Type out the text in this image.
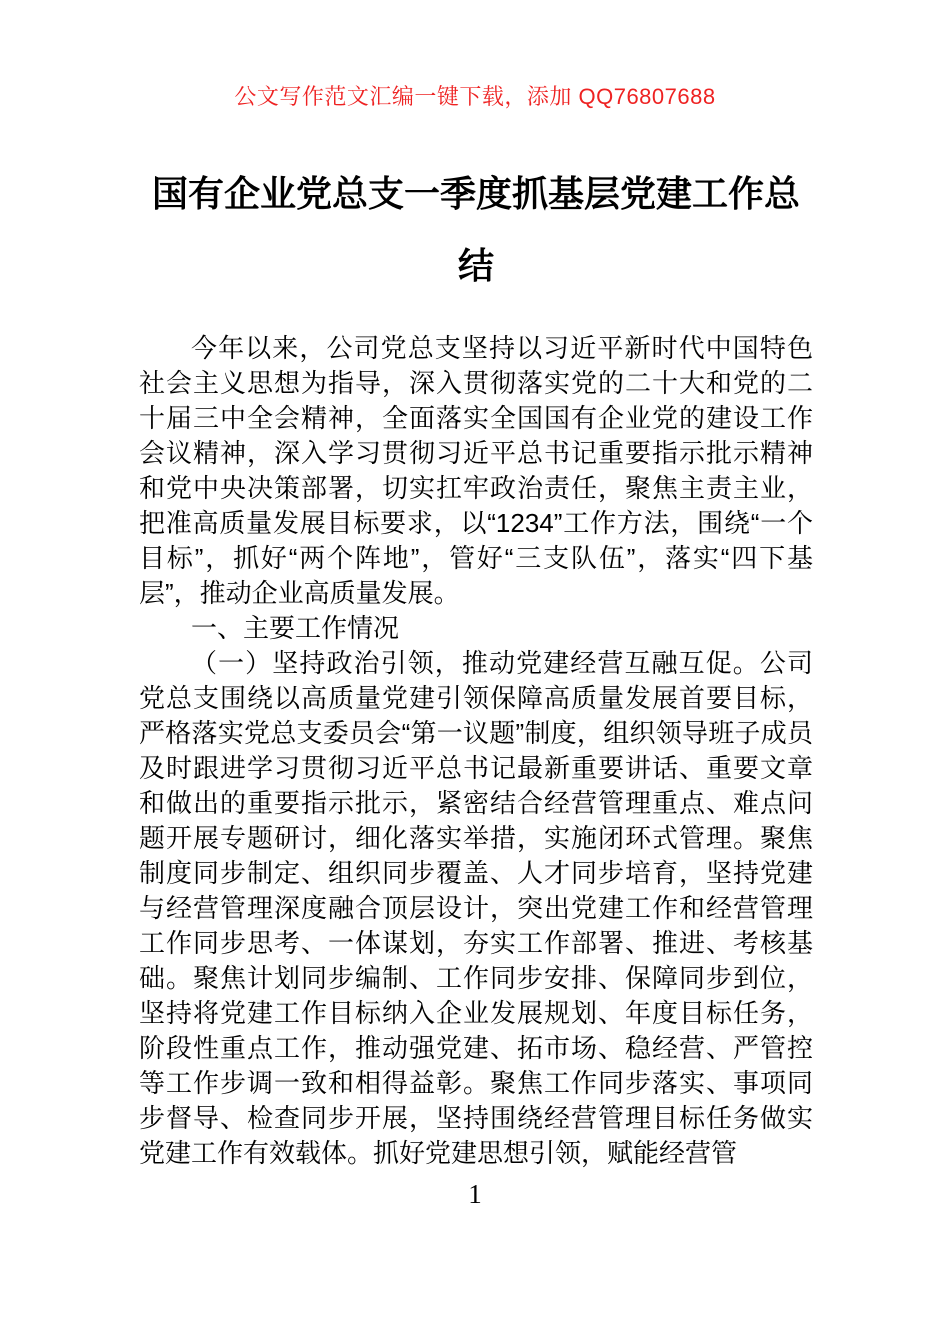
公文写作范文汇编一键下载，添加 QQ76807688
国有企业党总支一季度抓基层党建工作总结

今年以来，公司党总支坚持以习近平新时代中国特色社会主义思想为指导，深入贯彻落实党的二十大和党的二十届三中全会精神，全面落实全国国有企业党的建设工作会议精神，深入学习贯彻习近平总书记重要指示批示精神和党中央决策部署，切实扛牢政治责任，聚焦主责主业，把准高质量发展目标要求，以“1234”工作方法，围绕“一个目标”，抓好“两个阵地”，管好“三支队伍”，落实“四下基层”，推动企业高质量发展。

一、主要工作情况

（一）坚持政治引领，推动党建经营互融互促。公司党总支围绕以高质量党建引领保障高质量发展首要目标，严格落实党总支委员会“第一议题”制度，组织领导班子成员及时跟进学习贯彻习近平总书记最新重要讲话、重要文章和做出的重要指示批示，紧密结合经营管理重点、难点问题开展专题研讨，细化落实举措，实施闭环式管理。聚焦制度同步制定、组织同步覆盖、人才同步培育，坚持党建与经营管理深度融合顶层设计，突出党建工作和经营管理工作同步思考、一体谋划，夯实工作部署、推进、考核基础。聚焦计划同步编制、工作同步安排、保障同步到位，坚持将党建工作目标纳入企业发展规划、年度目标任务，阶段性重点工作，推动强党建、拓市场、稳经营、严管控等工作步调一致和相得益彰。聚焦工作同步落实、事项同步督导、检查同步开展，坚持围绕经营管理目标任务做实党建工作有效载体。抓好党建思想引领，赋能经营管

1
